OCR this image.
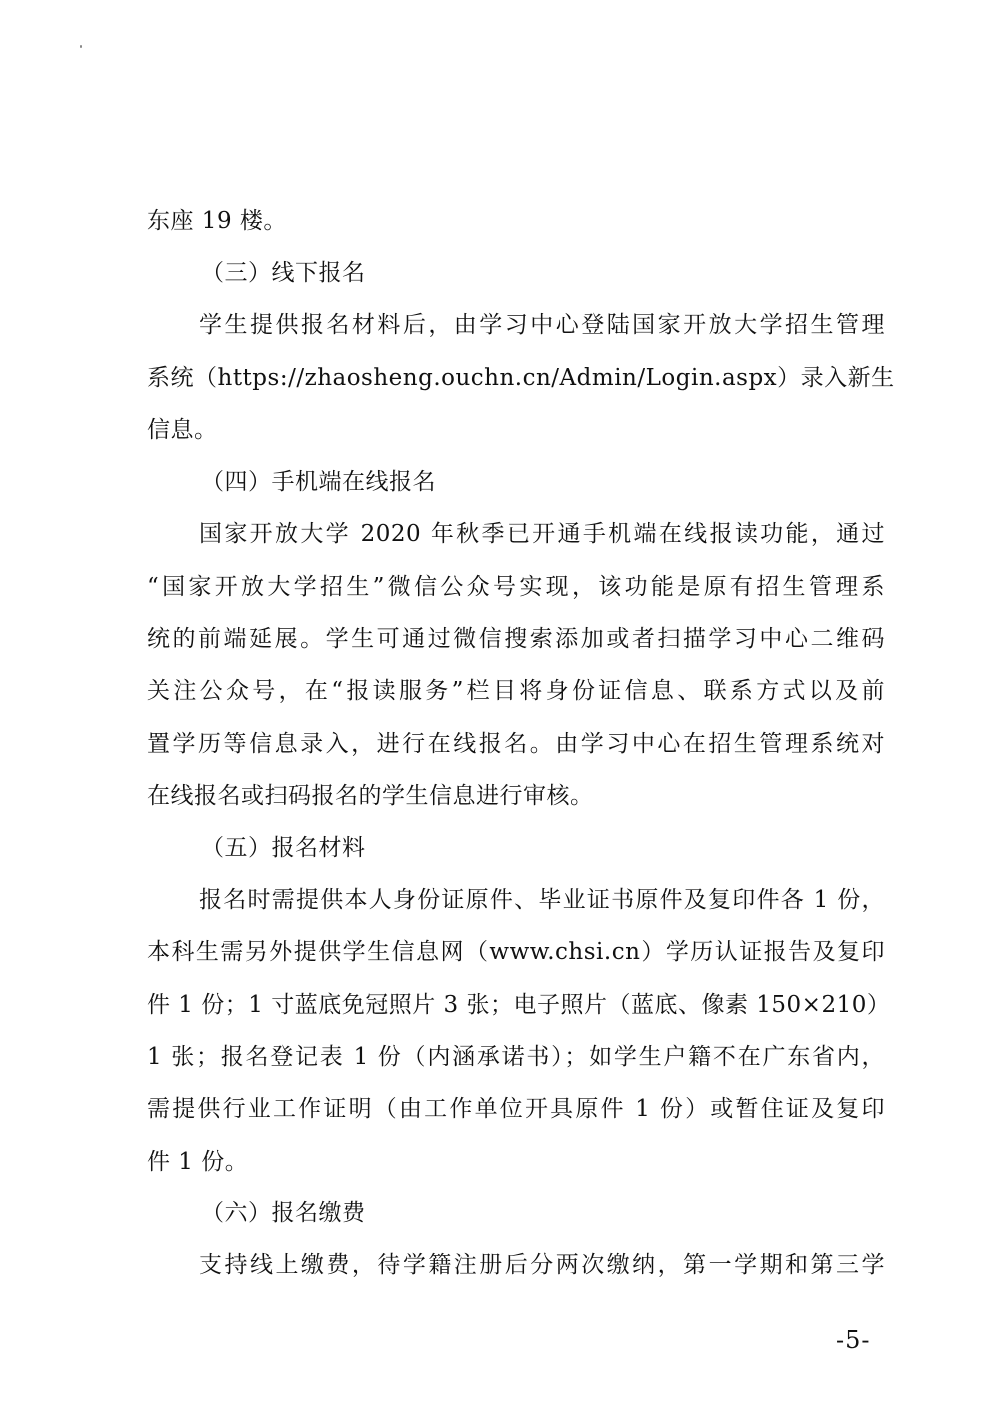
东座 19 楼。
（三）线下报名
学生提供报名材料后，由学习中心登陆国家开放大学招生管理
系统（https://zhaosheng.ouchn.cn/Admin/Login.aspx）录入新生
信息。
（四）手机端在线报名
国家开放大学 2020 年秋季已开通手机端在线报读功能，通过
“国家开放大学招生”微信公众号实现，该功能是原有招生管理系
统的前端延展。学生可通过微信搜索添加或者扫描学习中心二维码
关注公众号，在“报读服务”栏目将身份证信息、联系方式以及前
置学历等信息录入，进行在线报名。由学习中心在招生管理系统对
在线报名或扫码报名的学生信息进行审核。
（五）报名材料
报名时需提供本人身份证原件、毕业证书原件及复印件各 1 份，
本科生需另外提供学生信息网（www.chsi.cn）学历认证报告及复印
件 1 份；1 寸蓝底免冠照片 3 张；电子照片（蓝底、像素 150×210）
1 张；报名登记表 1 份（内涵承诺书）；如学生户籍不在广东省内，
需提供行业工作证明（由工作单位开具原件 1 份）或暂住证及复印
件 1 份。
（六）报名缴费
支持线上缴费，待学籍注册后分两次缴纳，第一学期和第三学
-5-
